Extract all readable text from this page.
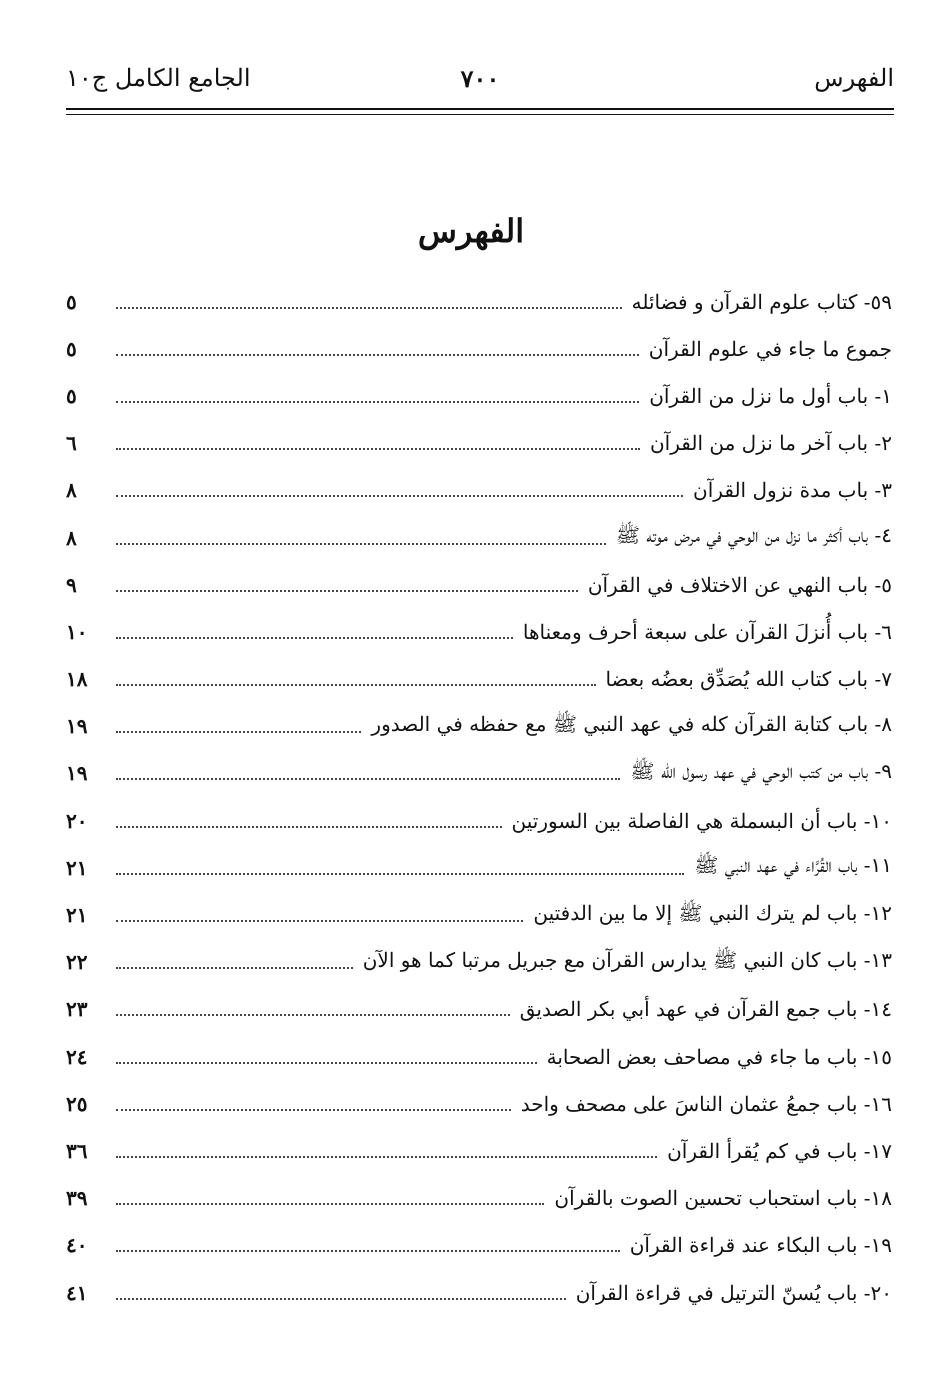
الفهرس
٧٠٠
الجامع الكامل ج١٠
الفهرس
٥٩- كتاب علوم القرآن و فضائله
٥
جموع ما جاء في علوم القرآن
٥
١- باب أول ما نزل من القرآن
٥
٢- باب آخر ما نزل من القرآن
٦
٣- باب مدة نزول القرآن
٨
٤- باب أكثر ما نزل من الوحي في مرض موته ﷺ
٨
٥- باب النهي عن الاختلاف في القرآن
٩
٦- باب أُنزلَ القرآن على سبعة أحرف ومعناها
١٠
٧- باب كتاب الله يُصَدِّق بعضُه بعضا
١٨
٨- باب كتابة القرآن كله في عهد النبي ﷺ مع حفظه في الصدور
١٩
٩- باب من كتب الوحي في عهد رسول الله ﷺ
١٩
١٠- باب أن البسملة هي الفاصلة بين السورتين
٢٠
١١- باب القُرَّاء في عهد النبي ﷺ
٢١
١٢- باب لم يترك النبي ﷺ إلا ما بين الدفتين
٢١
١٣- باب كان النبي ﷺ يدارس القرآن مع جبريل مرتبا كما هو الآن
٢٢
١٤- باب جمع القرآن في عهد أبي بكر الصديق
٢٣
١٥- باب ما جاء في مصاحف بعض الصحابة
٢٤
١٦- باب جمعُ عثمان الناسَ على مصحف واحد
٢٥
١٧- باب في كم يُقرأ القرآن
٣٦
١٨- باب استحباب تحسين الصوت بالقرآن
٣٩
١٩- باب البكاء عند قراءة القرآن
٤٠
٢٠- باب يُسنّ الترتيل في قراءة القرآن
٤١
